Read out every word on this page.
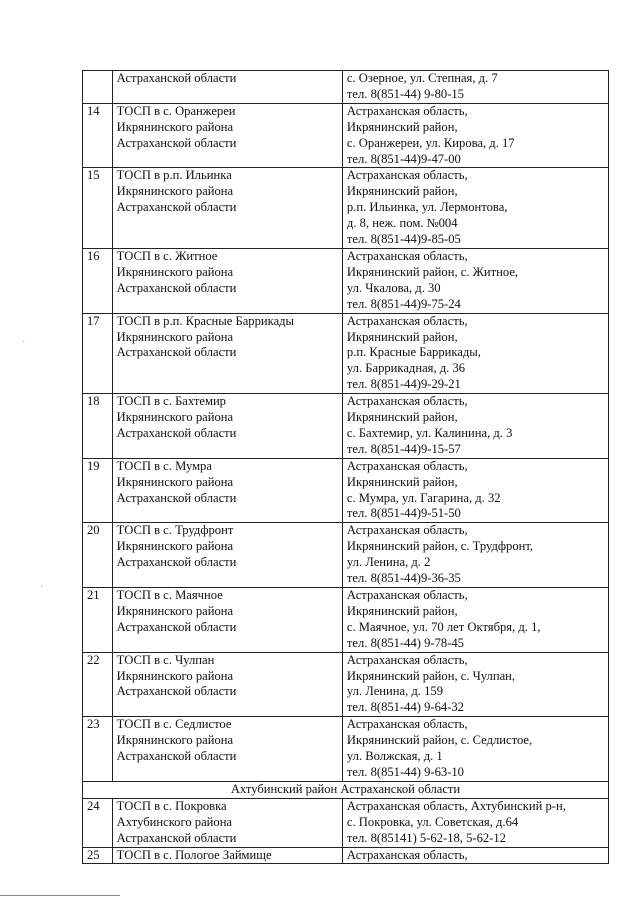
·
·

	Астраханской области	с. Озерное, ул. Степная, д. 7
тел. 8(851-44) 9-80-15

14	ТОСП в с. Оранжереи
Икрянинского района
Астраханской области	Астраханская область,
Икрянинский район,
с. Оранжереи, ул. Кирова, д. 17
тел. 8(851-44)9-47-00

15	ТОСП в р.п. Ильинка
Икрянинского района
Астраханской области	Астраханская область,
Икрянинский район,
р.п. Ильинка, ул. Лермонтова,
д. 8, неж. пом. №004
тел. 8(851-44)9-85-05

16	ТОСП в с. Житное
Икрянинского района
Астраханской области	Астраханская область,
Икрянинский район, с. Житное,
ул. Чкалова, д. 30
тел. 8(851-44)9-75-24

17	ТОСП в р.п. Красные Баррикады
Икрянинского района
Астраханской области	Астраханская область,
Икрянинский район,
р.п. Красные Баррикады,
ул. Баррикадная, д. 36
тел. 8(851-44)9-29-21

18	ТОСП в с. Бахтемир
Икрянинского района
Астраханской области	Астраханская область,
Икрянинский район,
с. Бахтемир, ул. Калинина, д. 3
тел. 8(851-44)9-15-57

19	ТОСП в с. Мумра
Икрянинского района
Астраханской области	Астраханская область,
Икрянинский район,
с. Мумра, ул. Гагарина, д. 32
тел. 8(851-44)9-51-50

20	ТОСП в с. Трудфронт
Икрянинского района
Астраханской области	Астраханская область,
Икрянинский район, с. Трудфронт,
ул. Ленина, д. 2
тел. 8(851-44)9-36-35

21	ТОСП в с. Маячное
Икрянинского района
Астраханской области	Астраханская область,
Икрянинский район,
с. Маячное, ул. 70 лет Октября, д. 1,
тел. 8(851-44) 9-78-45

22	ТОСП в с. Чулпан
Икрянинского района
Астраханской области	Астраханская область,
Икрянинский район, с. Чулпан,
ул. Ленина, д. 159
тел. 8(851-44) 9-64-32

23	ТОСП в с. Седлистое
Икрянинского района
Астраханской области	Астраханская область,
Икрянинский район, с. Седлистое,
ул. Волжская, д. 1
тел. 8(851-44) 9-63-10

Ахтубинский район Астраханской области		
24	ТОСП в с. Покровка
Ахтубинского района
Астраханской области	Астраханская область, Ахтубинский р-н,
с. Покровка, ул. Советская, д.64
тел. 8(85141) 5-62-18, 5-62-12

25	ТОСП в с. Пологое Займище	Астраханская область,
